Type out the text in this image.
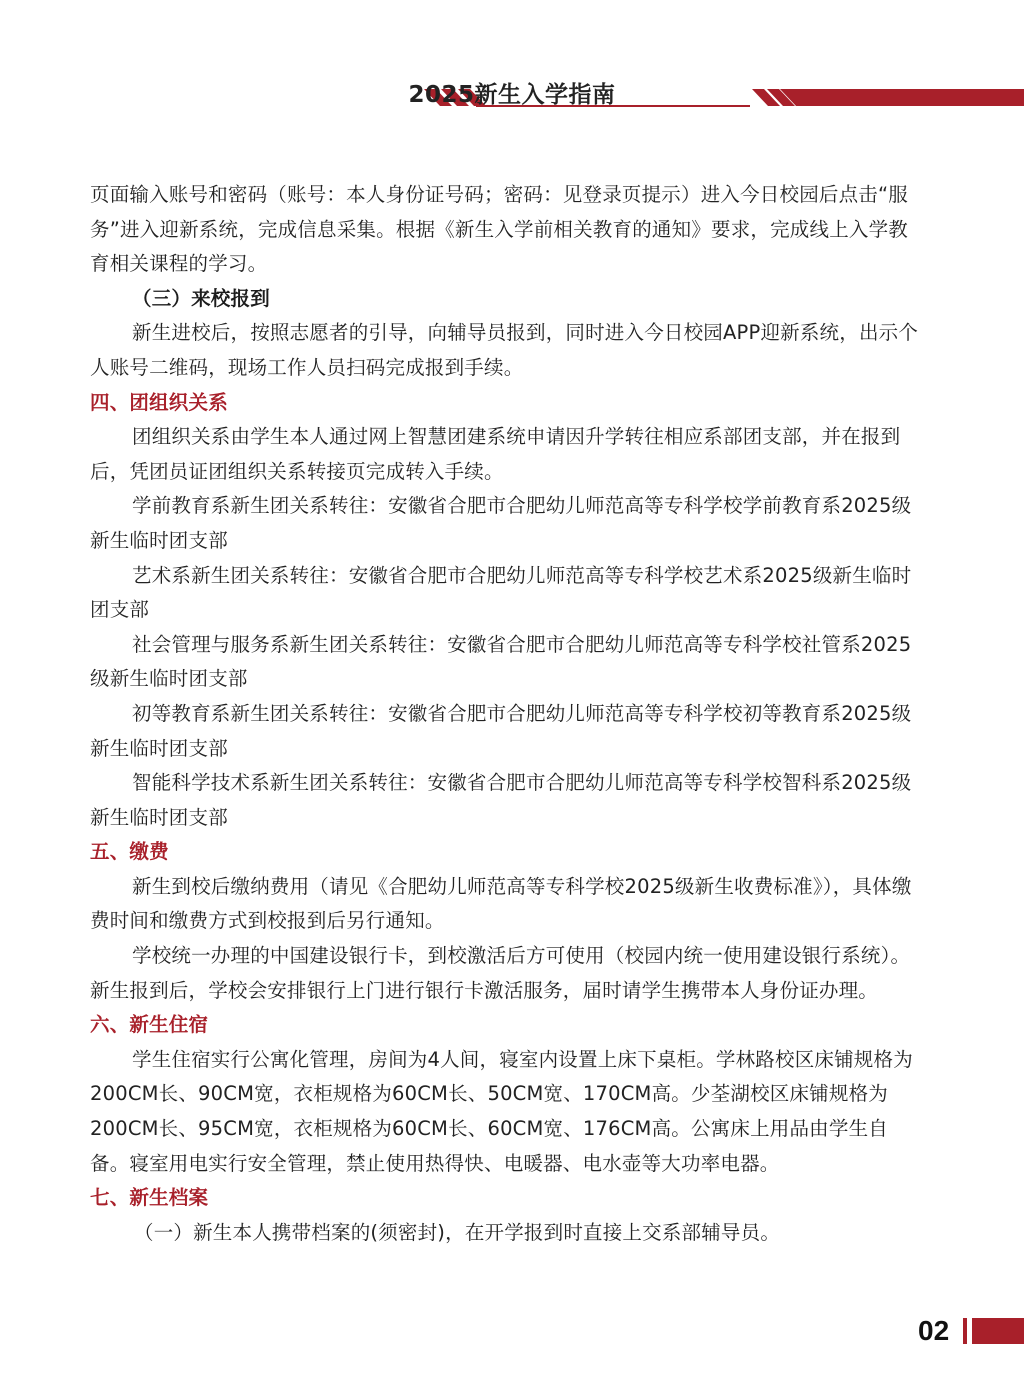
2025新生入学指南

页面输入账号和密码（账号：本人身份证号码；密码：见登录页提示）进入今日校园后点击“服务”进入迎新系统，完成信息采集。根据《新生入学前相关教育的通知》要求，完成线上入学教育相关课程的学习。

（三）来校报到

新生进校后，按照志愿者的引导，向辅导员报到，同时进入今日校园APP迎新系统，出示个人账号二维码，现场工作人员扫码完成报到手续。

四、团组织关系

团组织关系由学生本人通过网上智慧团建系统申请因升学转往相应系部团支部，并在报到后，凭团员证团组织关系转接页完成转入手续。

学前教育系新生团关系转往：安徽省合肥市合肥幼儿师范高等专科学校学前教育系2025级新生临时团支部

艺术系新生团关系转往：安徽省合肥市合肥幼儿师范高等专科学校艺术系2025级新生临时团支部

社会管理与服务系新生团关系转往：安徽省合肥市合肥幼儿师范高等专科学校社管系2025级新生临时团支部

初等教育系新生团关系转往：安徽省合肥市合肥幼儿师范高等专科学校初等教育系2025级新生临时团支部

智能科学技术系新生团关系转往：安徽省合肥市合肥幼儿师范高等专科学校智科系2025级新生临时团支部

五、缴费

新生到校后缴纳费用（请见《合肥幼儿师范高等专科学校2025级新生收费标准》），具体缴费时间和缴费方式到校报到后另行通知。

学校统一办理的中国建设银行卡，到校激活后方可使用（校园内统一使用建设银行系统）。新生报到后，学校会安排银行上门进行银行卡激活服务，届时请学生携带本人身份证办理。

六、新生住宿

学生住宿实行公寓化管理，房间为4人间，寝室内设置上床下桌柜。学林路校区床铺规格为200CM长、90CM宽，衣柜规格为60CM长、50CM宽、170CM高。少荃湖校区床铺规格为200CM长、95CM宽，衣柜规格为60CM长、60CM宽、176CM高。公寓床上用品由学生自备。寝室用电实行安全管理，禁止使用热得快、电暖器、电水壶等大功率电器。

七、新生档案

（一）新生本人携带档案的(须密封)，在开学报到时直接上交系部辅导员。

02
